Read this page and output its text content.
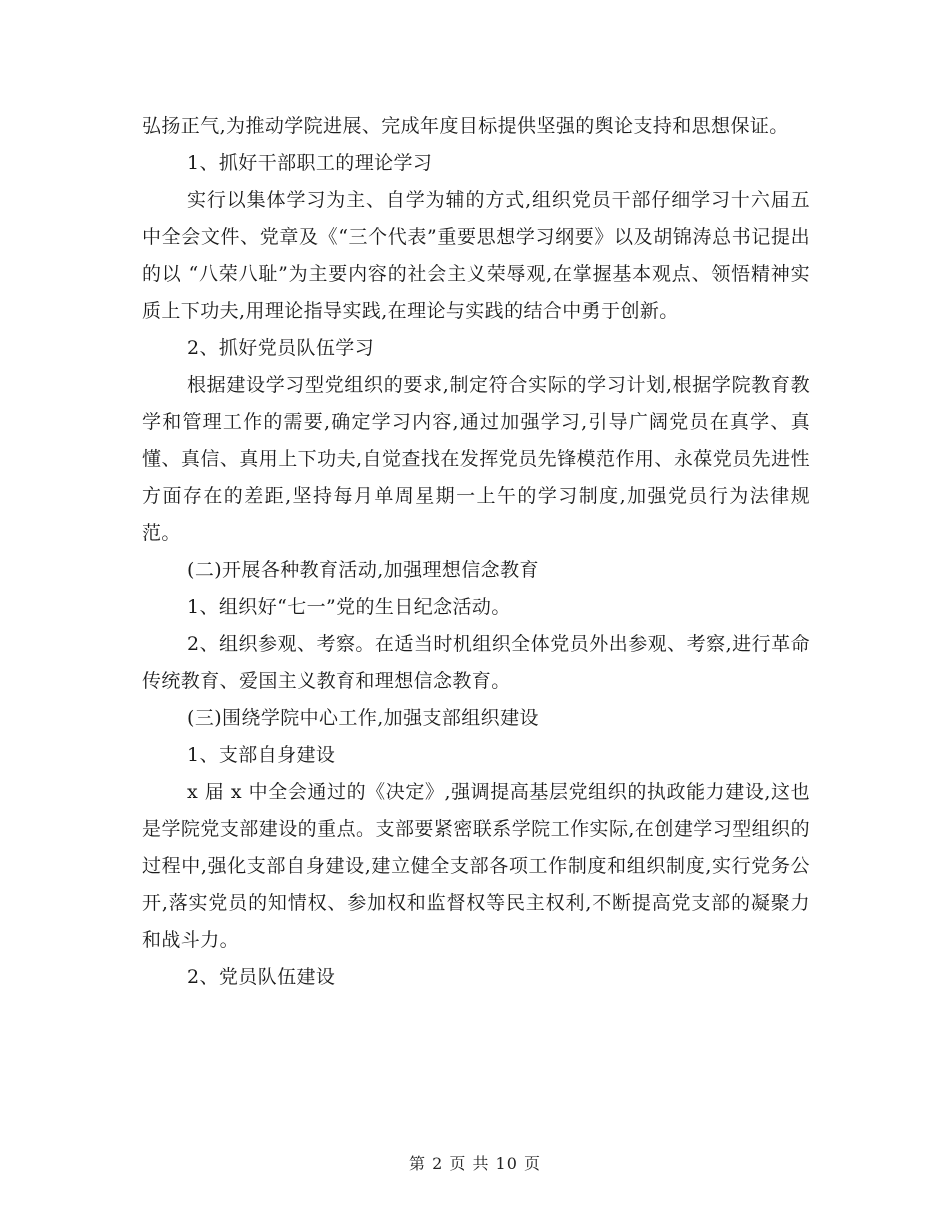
弘扬正气,为推动学院进展、完成年度目标提供坚强的舆论支持和思想保证。

1、抓好干部职工的理论学习

实行以集体学习为主、自学为辅的方式,组织党员干部仔细学习十六届五中全会文件、党章及《“三个代表”重要思想学习纲要》以及胡锦涛总书记提出的以 “八荣八耻”为主要内容的社会主义荣辱观,在掌握基本观点、领悟精神实质上下功夫,用理论指导实践,在理论与实践的结合中勇于创新。

2、抓好党员队伍学习

根据建设学习型党组织的要求,制定符合实际的学习计划,根据学院教育教学和管理工作的需要,确定学习内容,通过加强学习,引导广阔党员在真学、真懂、真信、真用上下功夫,自觉查找在发挥党员先锋模范作用、永葆党员先进性方面存在的差距,坚持每月单周星期一上午的学习制度,加强党员行为法律规范。

(二)开展各种教育活动,加强理想信念教育

1、组织好“七一”党的生日纪念活动。

2、组织参观、考察。在适当时机组织全体党员外出参观、考察,进行革命传统教育、爱国主义教育和理想信念教育。

(三)围绕学院中心工作,加强支部组织建设

1、支部自身建设

x 届 x 中全会通过的《决定》,强调提高基层党组织的执政能力建设,这也是学院党支部建设的重点。支部要紧密联系学院工作实际,在创建学习型组织的过程中,强化支部自身建设,建立健全支部各项工作制度和组织制度,实行党务公开,落实党员的知情权、参加权和监督权等民主权利,不断提高党支部的凝聚力和战斗力。

2、党员队伍建设

第 2 页 共 10 页
